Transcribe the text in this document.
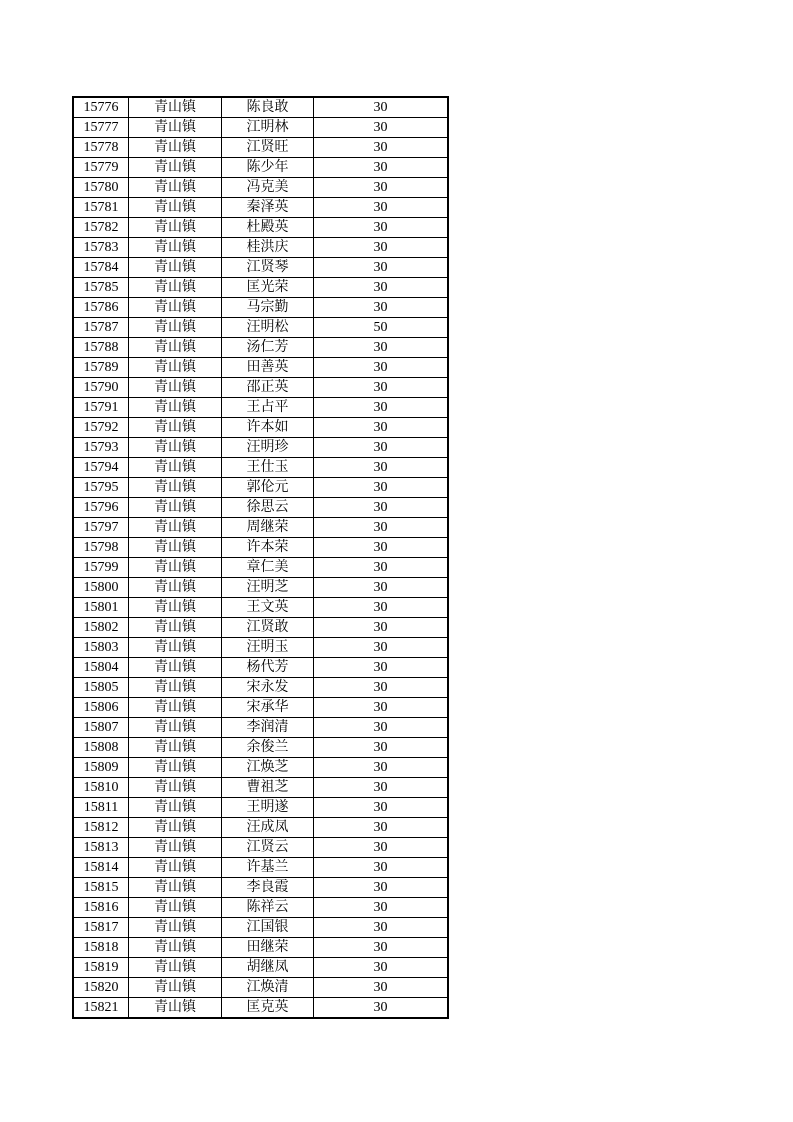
15776	青山镇	陈良敢	30
15777	青山镇	江明林	30
15778	青山镇	江贤旺	30
15779	青山镇	陈少年	30
15780	青山镇	冯克美	30
15781	青山镇	秦泽英	30
15782	青山镇	杜殿英	30
15783	青山镇	桂洪庆	30
15784	青山镇	江贤琴	30
15785	青山镇	匡光荣	30
15786	青山镇	马宗勤	30
15787	青山镇	汪明松	50
15788	青山镇	汤仁芳	30
15789	青山镇	田善英	30
15790	青山镇	邵正英	30
15791	青山镇	王占平	30
15792	青山镇	许本如	30
15793	青山镇	汪明珍	30
15794	青山镇	王仕玉	30
15795	青山镇	郭伦元	30
15796	青山镇	徐思云	30
15797	青山镇	周继荣	30
15798	青山镇	许本荣	30
15799	青山镇	章仁美	30
15800	青山镇	汪明芝	30
15801	青山镇	王文英	30
15802	青山镇	江贤敢	30
15803	青山镇	汪明玉	30
15804	青山镇	杨代芳	30
15805	青山镇	宋永发	30
15806	青山镇	宋承华	30
15807	青山镇	李润清	30
15808	青山镇	余俊兰	30
15809	青山镇	江焕芝	30
15810	青山镇	曹祖芝	30
15811	青山镇	王明遂	30
15812	青山镇	汪成凤	30
15813	青山镇	江贤云	30
15814	青山镇	许基兰	30
15815	青山镇	李良霞	30
15816	青山镇	陈祥云	30
15817	青山镇	江国银	30
15818	青山镇	田继荣	30
15819	青山镇	胡继凤	30
15820	青山镇	江焕清	30
15821	青山镇	匡克英	30
